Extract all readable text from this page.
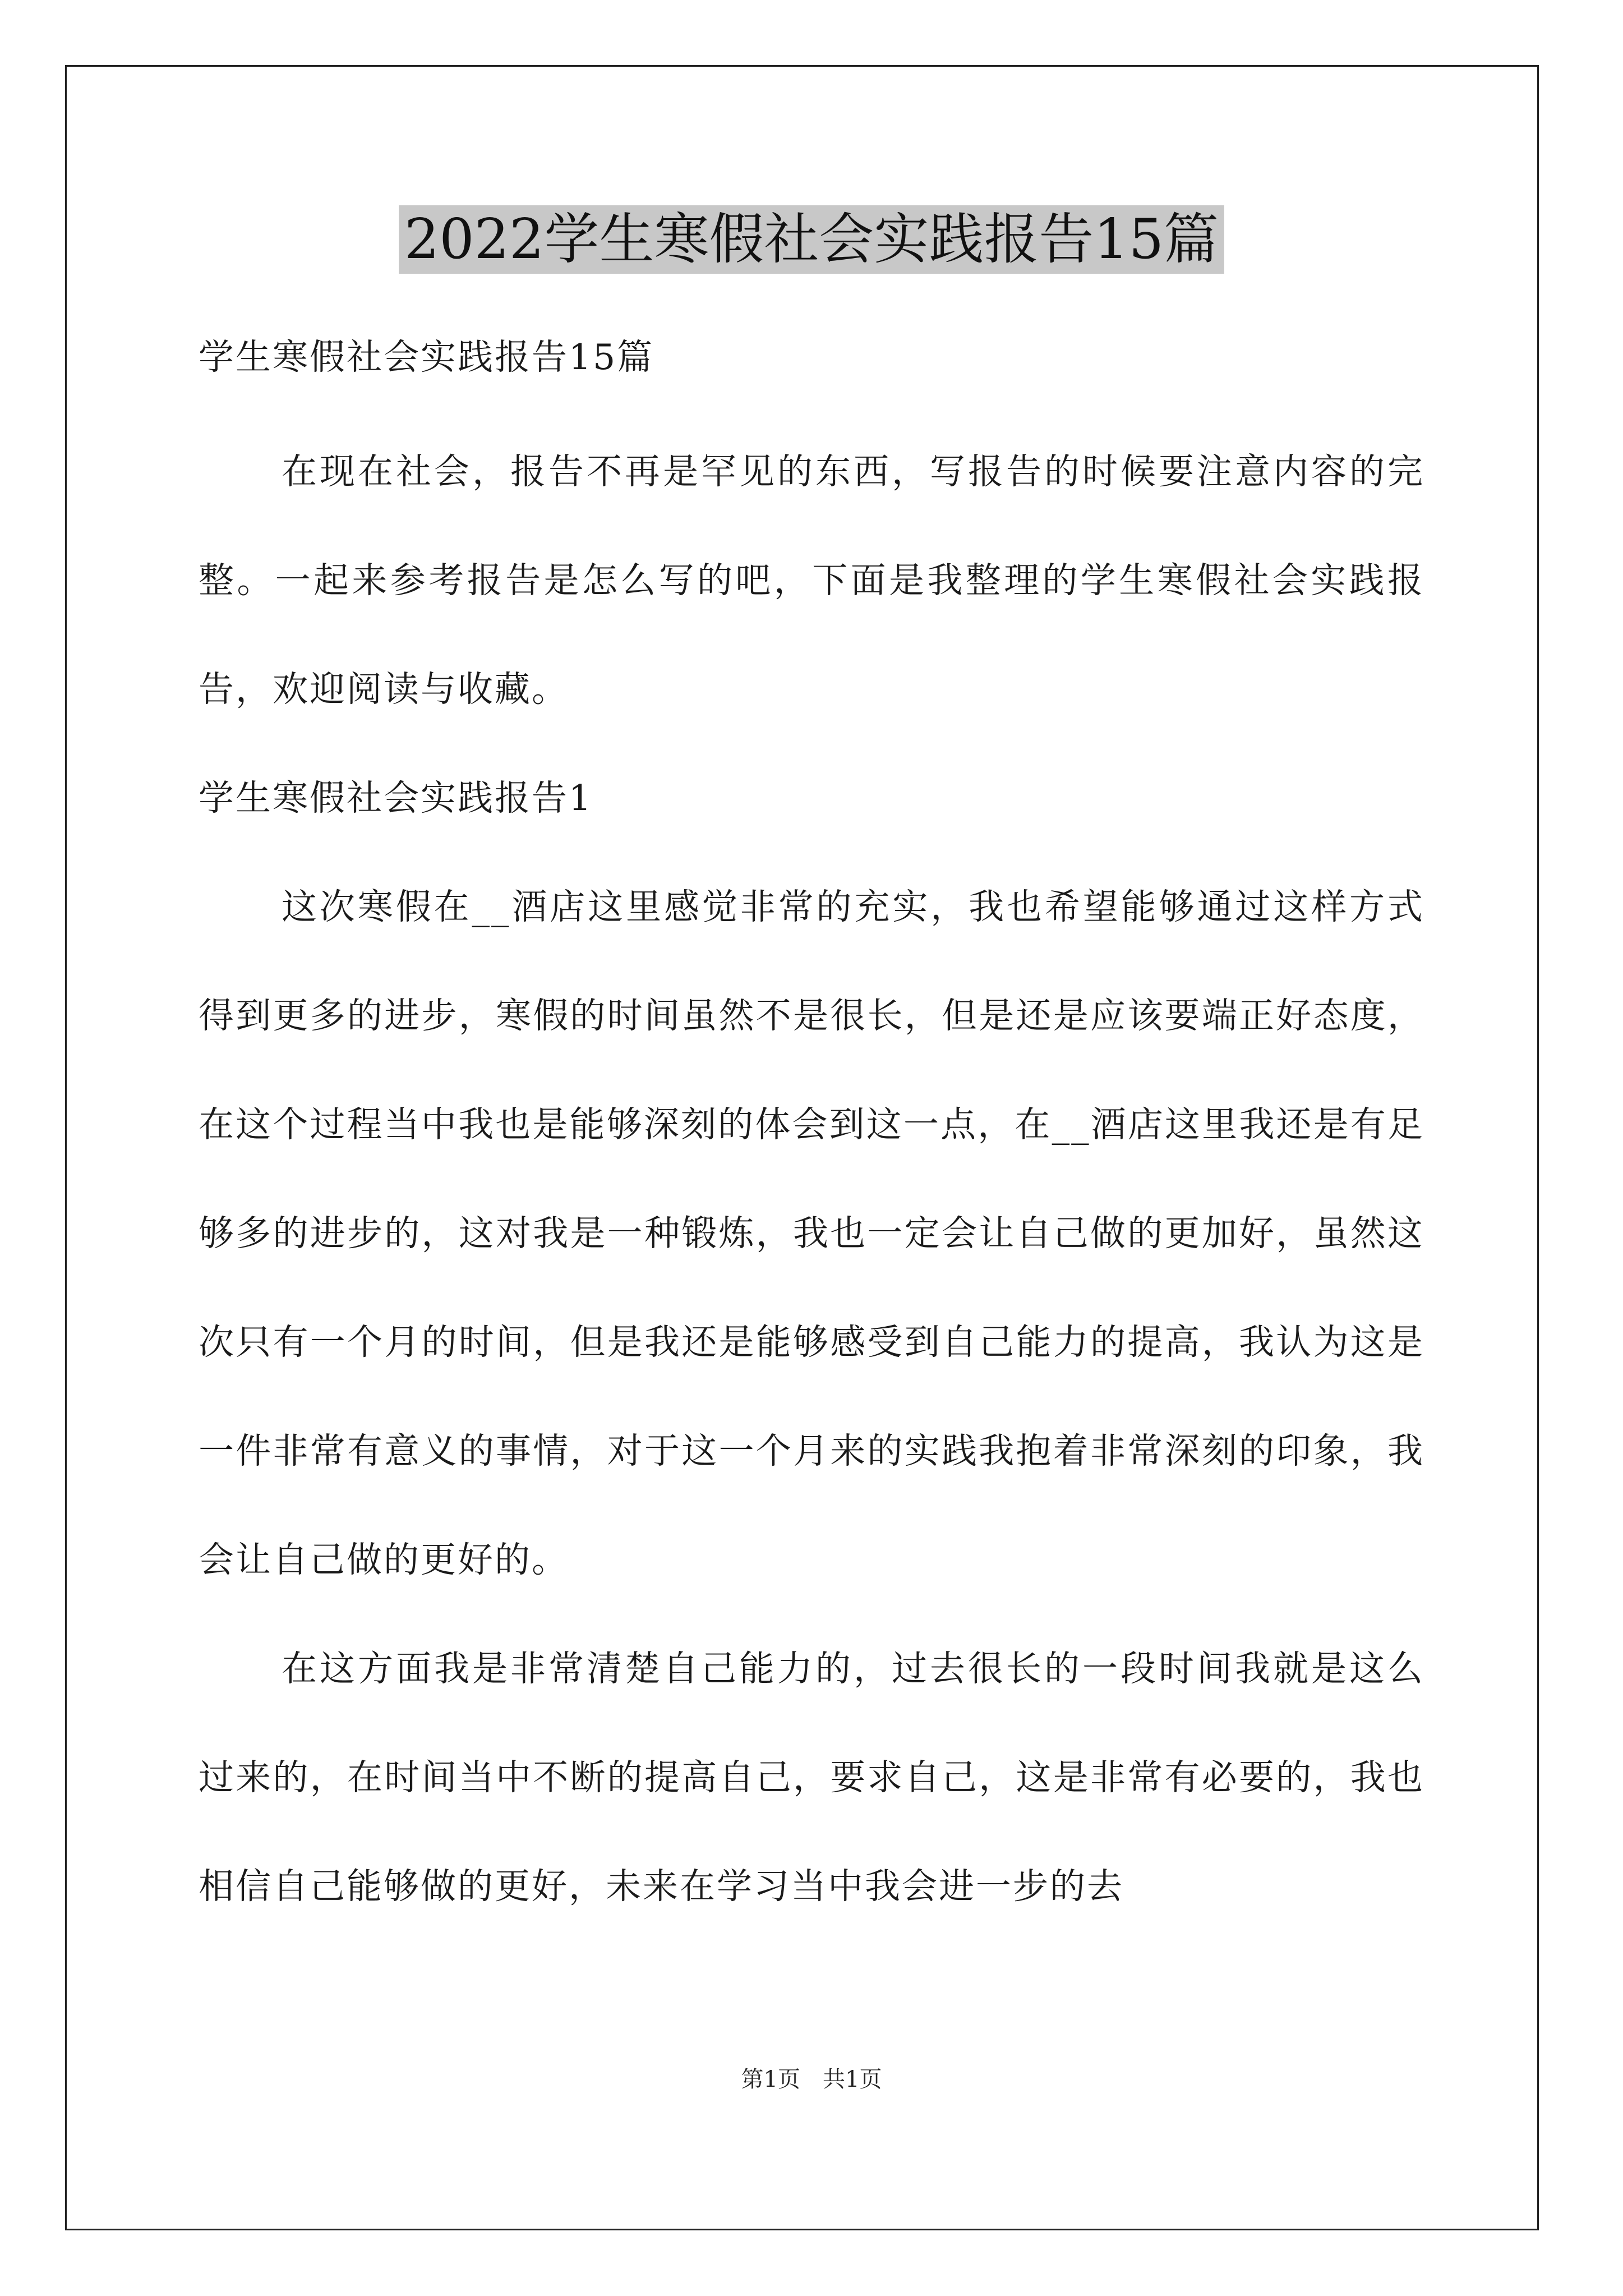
2022学生寒假社会实践报告15篇

学生寒假社会实践报告15篇

在现在社会，报告不再是罕见的东西，写报告的时候要注意内容的完整。一起来参考报告是怎么写的吧，下面是我整理的学生寒假社会实践报告，欢迎阅读与收藏。

学生寒假社会实践报告1

这次寒假在__酒店这里感觉非常的充实，我也希望能够通过这样方式得到更多的进步，寒假的时间虽然不是很长，但是还是应该要端正好态度，在这个过程当中我也是能够深刻的体会到这一点，在__酒店这里我还是有足够多的进步的，这对我是一种锻炼，我也一定会让自己做的更加好，虽然这次只有一个月的时间，但是我还是能够感受到自己能力的提高，我认为这是一件非常有意义的事情，对于这一个月来的实践我抱着非常深刻的印象，我会让自己做的更好的。

在这方面我是非常清楚自己能力的，过去很长的一段时间我就是这么过来的，在时间当中不断的提高自己，要求自己，这是非常有必要的，我也相信自己能够做的更好，未来在学习当中我会进一步的去

第1页　共1页
